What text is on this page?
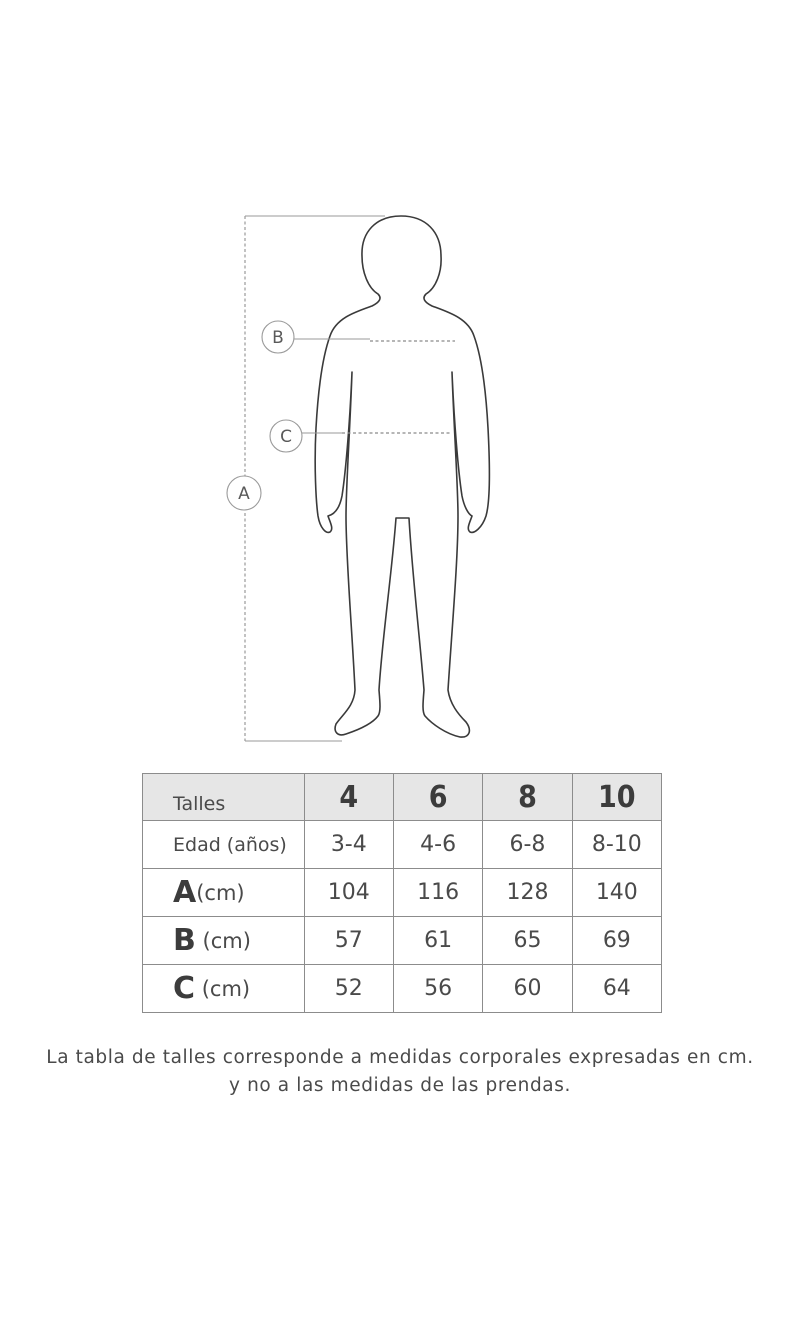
B
C
A
Talles	4	6	8	10
Edad (años)	3-4	4-6	6-8	8-10
A(cm)	104	116	128	140
B (cm)	57	61	65	69
C (cm)	52	56	60	64
La tabla de talles corresponde a medidas corporales expresadas en cm.
y no a las medidas de las prendas.
